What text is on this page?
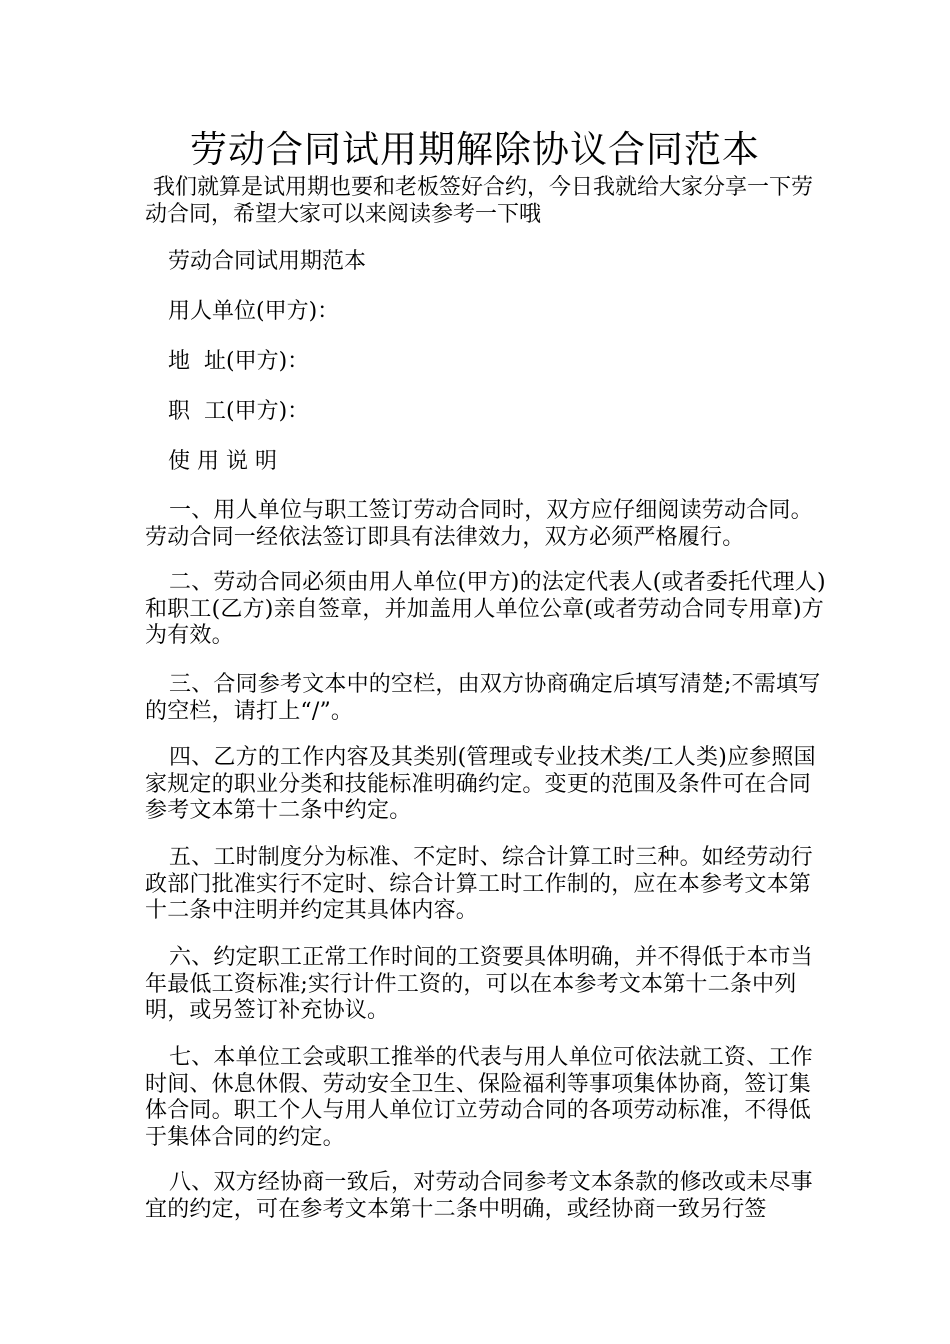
劳动合同试用期解除协议合同范本

我们就算是试用期也要和老板签好合约，今日我就给大家分享一下劳动合同，希望大家可以来阅读参考一下哦

劳动合同试用期范本

用人单位(甲方)：

地  址(甲方)：

职  工(甲方)：

使 用 说 明

一、用人单位与职工签订劳动合同时，双方应仔细阅读劳动合同。劳动合同一经依法签订即具有法律效力，双方必须严格履行。

二、劳动合同必须由用人单位(甲方)的法定代表人(或者委托代理人)和职工(乙方)亲自签章，并加盖用人单位公章(或者劳动合同专用章)方为有效。

三、合同参考文本中的空栏，由双方协商确定后填写清楚;不需填写的空栏，请打上“/”。

四、乙方的工作内容及其类别(管理或专业技术类/工人类)应参照国家规定的职业分类和技能标准明确约定。变更的范围及条件可在合同参考文本第十二条中约定。

五、工时制度分为标准、不定时、综合计算工时三种。如经劳动行政部门批准实行不定时、综合计算工时工作制的，应在本参考文本第十二条中注明并约定其具体内容。

六、约定职工正常工作时间的工资要具体明确，并不得低于本市当年最低工资标准;实行计件工资的，可以在本参考文本第十二条中列明，或另签订补充协议。

七、本单位工会或职工推举的代表与用人单位可依法就工资、工作时间、休息休假、劳动安全卫生、保险福利等事项集体协商，签订集体合同。职工个人与用人单位订立劳动合同的各项劳动标准，不得低于集体合同的约定。

八、双方经协商一致后，对劳动合同参考文本条款的修改或未尽事宜的约定，可在参考文本第十二条中明确，或经协商一致另行签
